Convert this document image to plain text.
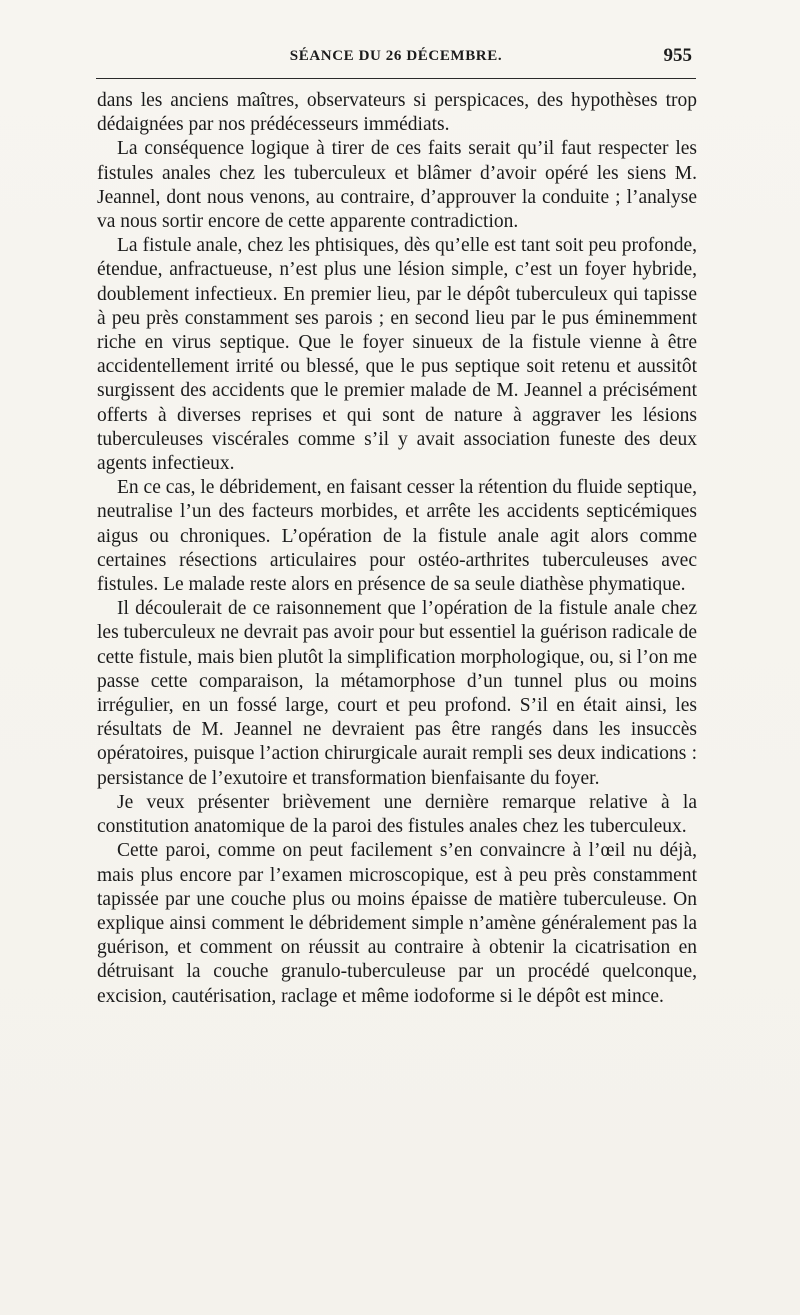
SÉANCE DU 26 DÉCEMBRE.	955

dans les anciens maîtres, observateurs si perspicaces, des hypothèses trop dédaignées par nos prédécesseurs immédiats.

La conséquence logique à tirer de ces faits serait qu’il faut respecter les fistules anales chez les tuberculeux et blâmer d’avoir opéré les siens M. Jeannel, dont nous venons, au contraire, d’approuver la conduite ; l’analyse va nous sortir encore de cette apparente contradiction.

La fistule anale, chez les phtisiques, dès qu’elle est tant soit peu profonde, étendue, anfractueuse, n’est plus une lésion simple, c’est un foyer hybride, doublement infectieux. En premier lieu, par le dépôt tuberculeux qui tapisse à peu près constamment ses parois ; en second lieu par le pus éminemment riche en virus septique. Que le foyer sinueux de la fistule vienne à être accidentellement irrité ou blessé, que le pus septique soit retenu et aussitôt surgissent des accidents que le premier malade de M. Jeannel a précisément offerts à diverses reprises et qui sont de nature à aggraver les lésions tuberculeuses viscérales comme s’il y avait association funeste des deux agents infectieux.

En ce cas, le débridement, en faisant cesser la rétention du fluide septique, neutralise l’un des facteurs morbides, et arrête les accidents septicémiques aigus ou chroniques. L’opération de la fistule anale agit alors comme certaines résections articulaires pour ostéo-arthrites tuberculeuses avec fistules. Le malade reste alors en présence de sa seule diathèse phymatique.

Il découlerait de ce raisonnement que l’opération de la fistule anale chez les tuberculeux ne devrait pas avoir pour but essentiel la guérison radicale de cette fistule, mais bien plutôt la simplification morphologique, ou, si l’on me passe cette comparaison, la métamorphose d’un tunnel plus ou moins irrégulier, en un fossé large, court et peu profond. S’il en était ainsi, les résultats de M. Jeannel ne devraient pas être rangés dans les insuccès opératoires, puisque l’action chirurgicale aurait rempli ses deux indications : persistance de l’exutoire et transformation bienfaisante du foyer.

Je veux présenter brièvement une dernière remarque relative à la constitution anatomique de la paroi des fistules anales chez les tuberculeux.

Cette paroi, comme on peut facilement s’en convaincre à l’œil nu déjà, mais plus encore par l’examen microscopique, est à peu près constamment tapissée par une couche plus ou moins épaisse de matière tuberculeuse. On explique ainsi comment le débridement simple n’amène généralement pas la guérison, et comment on réussit au contraire à obtenir la cicatrisation en détruisant la couche granulo-tuberculeuse par un procédé quelconque, excision, cautérisation, raclage et même iodoforme si le dépôt est mince.
